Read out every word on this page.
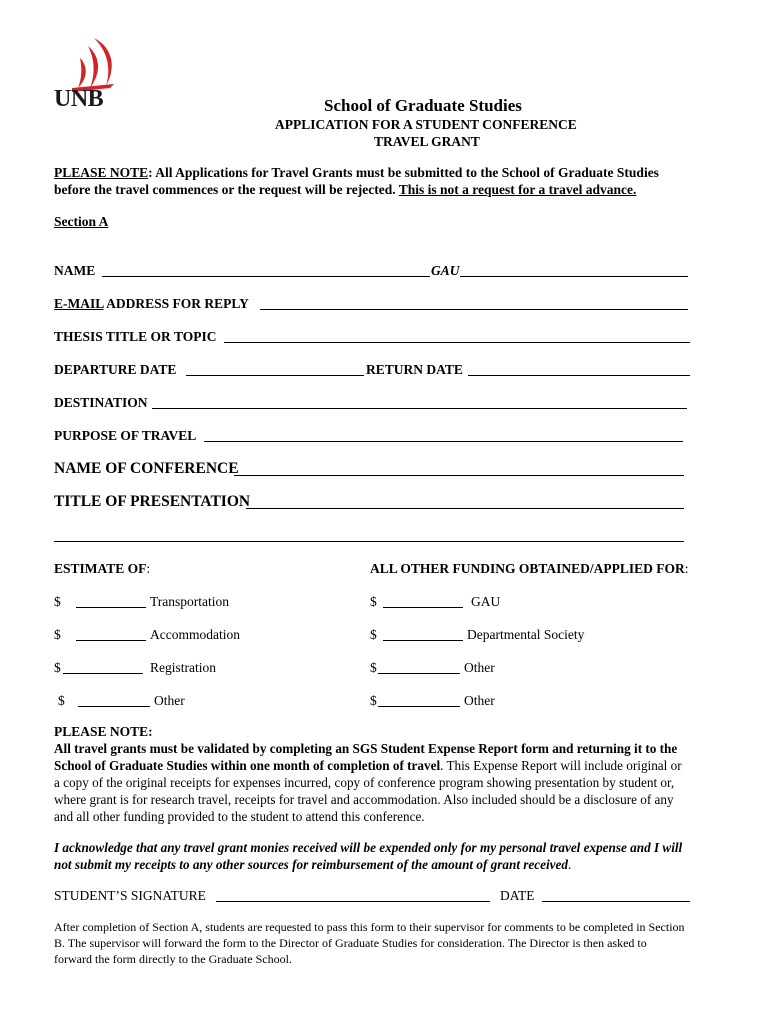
UNB	School of Graduate Studies
APPLICATION FOR A STUDENT CONFERENCE
TRAVEL GRANT
PLEASE NOTE: All Applications for Travel Grants must be submitted to the School of Graduate Studies
before the travel commences or the request will be rejected. This is not a request for a travel advance.
Section A
NAME	GAU
E-MAIL ADDRESS FOR REPLY
THESIS TITLE OR TOPIC
DEPARTURE DATE	RETURN DATE
DESTINATION
PURPOSE OF TRAVEL
NAME OF CONFERENCE
TITLE OF PRESENTATION
ESTIMATE OF:	ALL OTHER FUNDING OBTAINED/APPLIED FOR:
$	Transportation
$	Accommodation
$	Registration
$	Other
$	GAU
$	Departmental Society
$	Other
$	Other
PLEASE NOTE:
All travel grants must be validated by completing an SGS Student Expense Report form and returning it to the
School of Graduate Studies within one month of completion of travel. This Expense Report will include original or
a copy of the original receipts for expenses incurred, copy of conference program showing presentation by student or,
where grant is for research travel, receipts for travel and accommodation. Also included should be a disclosure of any
and all other funding provided to the student to attend this conference.
I acknowledge that any travel grant monies received will be expended only for my personal travel expense and I will
not submit my receipts to any other sources for reimbursement of the amount of grant received.
STUDENT’S SIGNATURE	DATE
After completion of Section A, students are requested to pass this form to their supervisor for comments to be completed in Section
B. The supervisor will forward the form to the Director of Graduate Studies for consideration. The Director is then asked to
forward the form directly to the Graduate School.
